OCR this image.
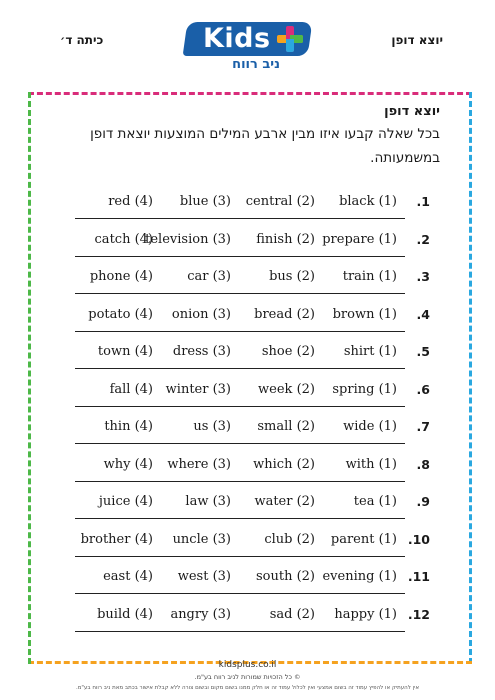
כיתה ד׳	יוצא דופן
Kids
ניב רווח
יוצא דופן
בכל שאלה קבעו איזו מבין ארבע המילים המוצעות יוצאת דופן במשמעותה.
.1
black (1)
central (2)
blue (3)
red (4)
.2
prepare (1)
finish (2)
television (3)
catch (4)
.3
train (1)
bus (2)
car (3)
phone (4)
.4
brown (1)
bread (2)
onion (3)
potato (4)
.5
shirt (1)
shoe (2)
dress (3)
town (4)
.6
spring (1)
week (2)
winter (3)
fall (4)
.7
wide (1)
small (2)
us (3)
thin (4)
.8
with (1)
which (2)
where (3)
why (4)
.9
tea (1)
water (2)
law (3)
juice (4)
.10
parent (1)
club (2)
uncle (3)
brother (4)
.11
evening (1)
south (2)
west (3)
east (4)
.12
happy (1)
sad (2)
angry (3)
build (4)
kidsplus.co.il
© כל הזכויות שמורות לניב רווח בע"מ.
אין להעתיק או להפיץ עמוד זה בשום אמצעי ואין לכלול עמוד זה או חלק ממנו בשום מקום ובשום צורה ללא קבלת אישור בכתב מאת ניב רווח בע"מ.
